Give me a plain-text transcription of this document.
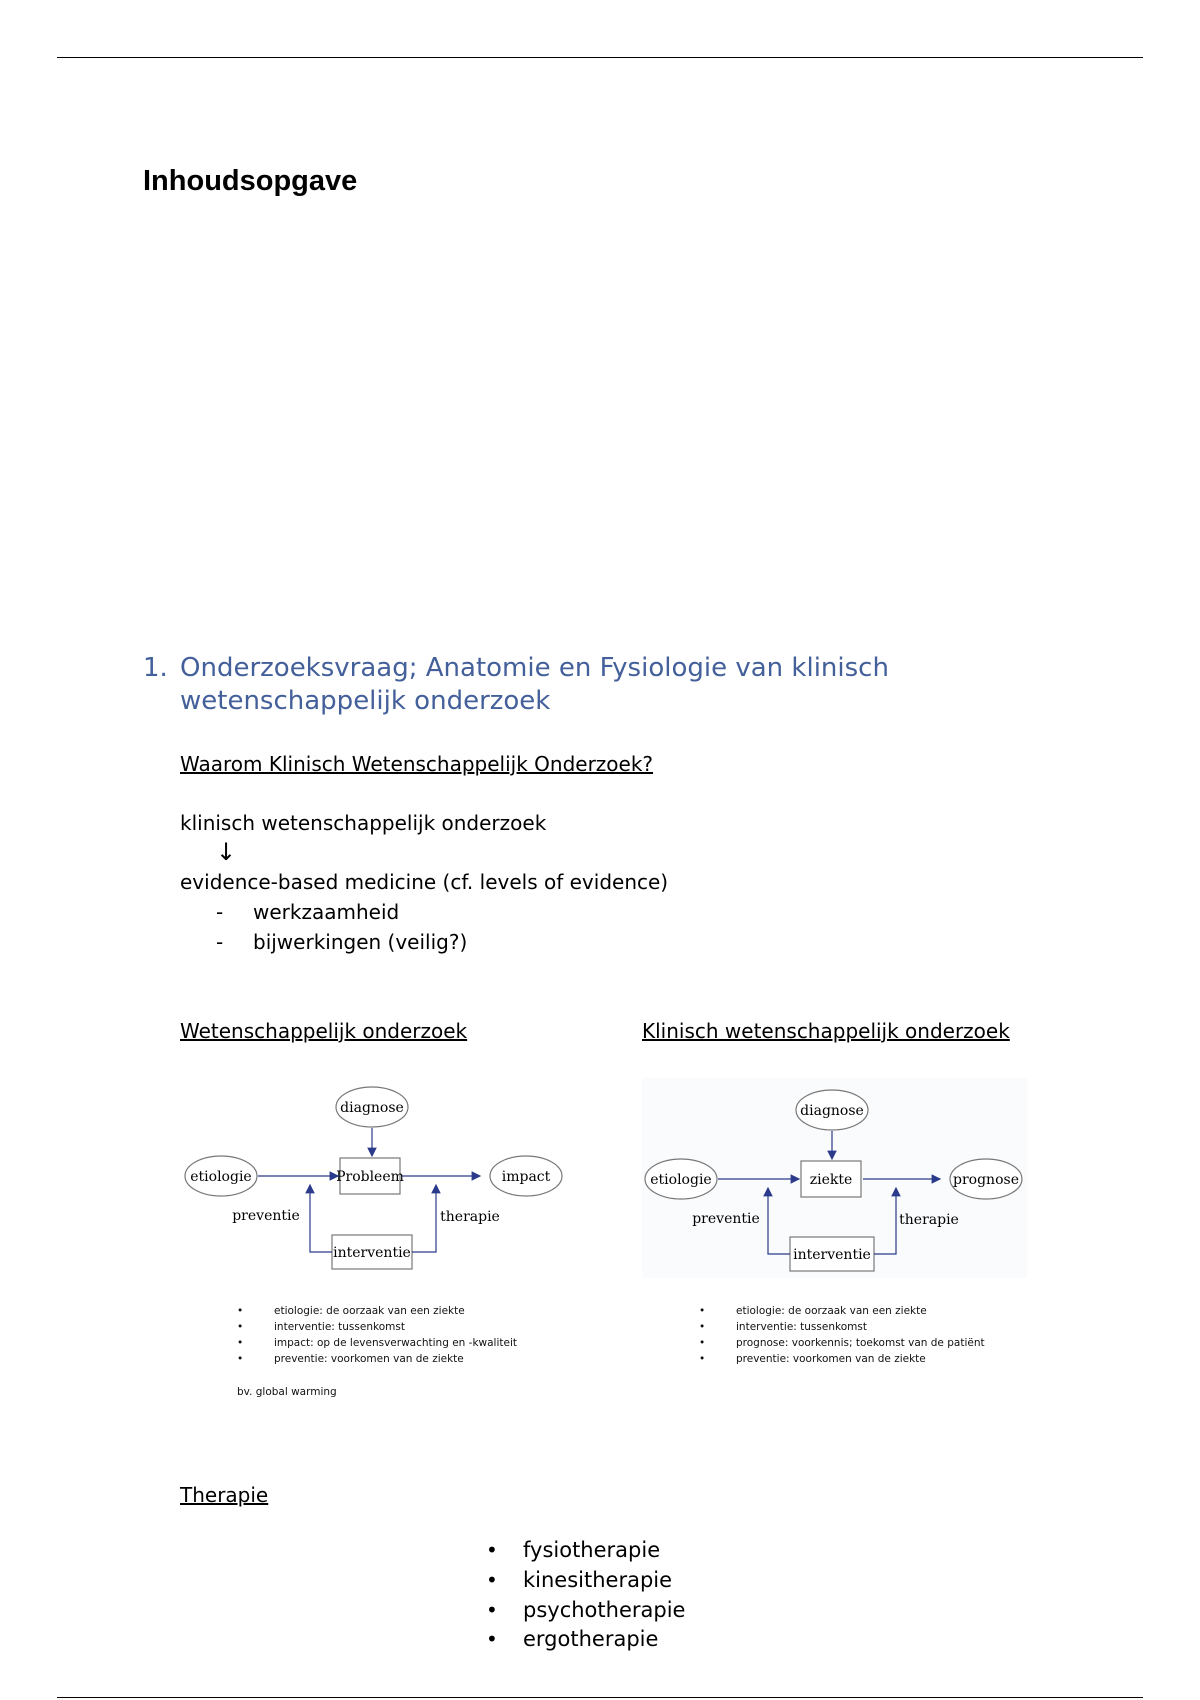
Inhoudsopgave
1. Onderzoeksvraag; Anatomie en Fysiologie van klinisch wetenschappelijk onderzoek
Waarom Klinisch Wetenschappelijk Onderzoek?
klinisch wetenschappelijk onderzoek
↓
evidence-based medicine (cf. levels of evidence)
- werkzaamheid
- bijwerkingen (veilig?)
Wetenschappelijk onderzoek
diagnose
etiologie	impact
Probleem
interventie
preventie	therapie
•	etiologie: de oorzaak van een ziekte
•	interventie: tussenkomst
•	impact: op de levensverwachting en -kwaliteit
•	preventie: voorkomen van de ziekte
bv. global warming
Klinisch wetenschappelijk onderzoek
diagnose
etiologie	prognose
ziekte
interventie
preventie	therapie
•	etiologie: de oorzaak van een ziekte
•	interventie: tussenkomst
•	prognose: voorkennis; toekomst van de patiënt
•	preventie: voorkomen van de ziekte
Therapie
• fysiotherapie
• kinesitherapie
• psychotherapie
• ergotherapie
